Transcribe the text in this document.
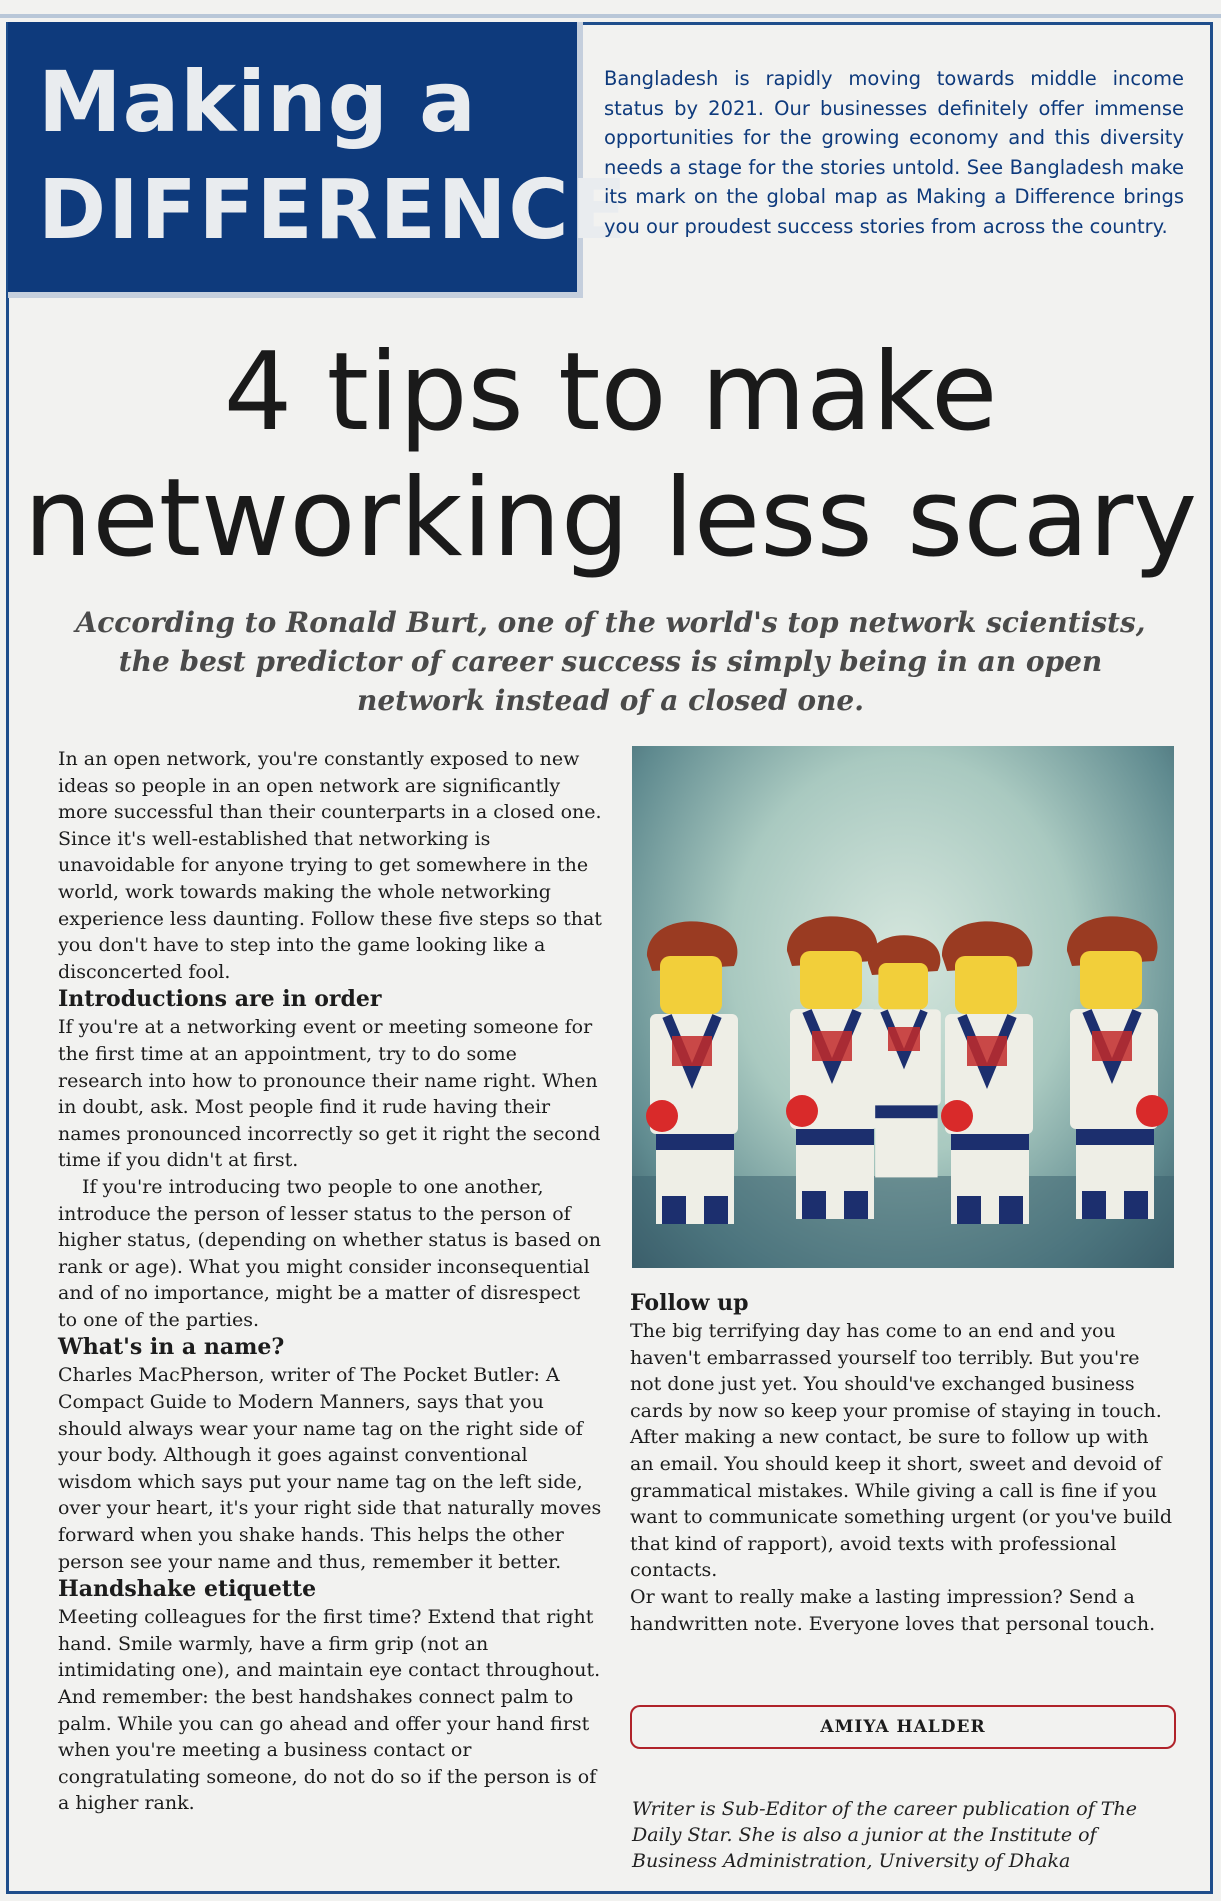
Making a
DIFFERENCE
Bangladesh is rapidly moving towards middle income status by 2021. Our businesses definitely offer immense opportunities for the growing economy and this diversity needs a stage for the stories untold. See Bangladesh make its mark on the global map as Making a Difference brings you our proudest success stories from across the country.
4 tips to make
networking less scary
According to Ronald Burt, one of the world's top network scientists, the best predictor of career success is simply being in an open network instead of a closed one.

In an open network, you're constantly exposed to new ideas so people in an open network are significantly more successful than their counterparts in a closed one. Since it's well-established that networking is unavoidable for anyone trying to get somewhere in the world, work towards making the whole networking experience less daunting. Follow these five steps so that you don't have to step into the game looking like a disconcerted fool.

Introductions are in order

If you're at a networking event or meeting someone for the first time at an appointment, try to do some research into how to pronounce their name right. When in doubt, ask. Most people find it rude having their names pronounced incorrectly so get it right the second time if you didn't at first.

If you're introducing two people to one another, introduce the person of lesser status to the person of higher status, (depending on whether status is based on rank or age). What you might consider inconsequential and of no importance, might be a matter of disrespect to one of the parties.

What's in a name?

Charles MacPherson, writer of The Pocket Butler: A Compact Guide to Modern Manners, says that you should always wear your name tag on the right side of your body. Although it goes against conventional wisdom which says put your name tag on the left side, over your heart, it's your right side that naturally moves forward when you shake hands. This helps the other person see your name and thus, remember it better.

Handshake etiquette

Meeting colleagues for the first time? Extend that right hand. Smile warmly, have a firm grip (not an intimidating one), and maintain eye contact throughout. And remember: the best handshakes connect palm to palm. While you can go ahead and offer your hand first when you're meeting a business contact or congratulating someone, do not do so if the person is of a higher rank.

Follow up

The big terrifying day has come to an end and you haven't embarrassed yourself too terribly. But you're not done just yet. You should've exchanged business cards by now so keep your promise of staying in touch. After making a new contact, be sure to follow up with an email. You should keep it short, sweet and devoid of grammatical mistakes. While giving a call is fine if you want to communicate something urgent (or you've build that kind of rapport), avoid texts with professional contacts.

Or want to really make a lasting impression? Send a handwritten note. Everyone loves that personal touch.

AMIYA HALDER
Writer is Sub-Editor of the career publication of The Daily Star. She is also a junior at the Institute of Business Administration, University of Dhaka
